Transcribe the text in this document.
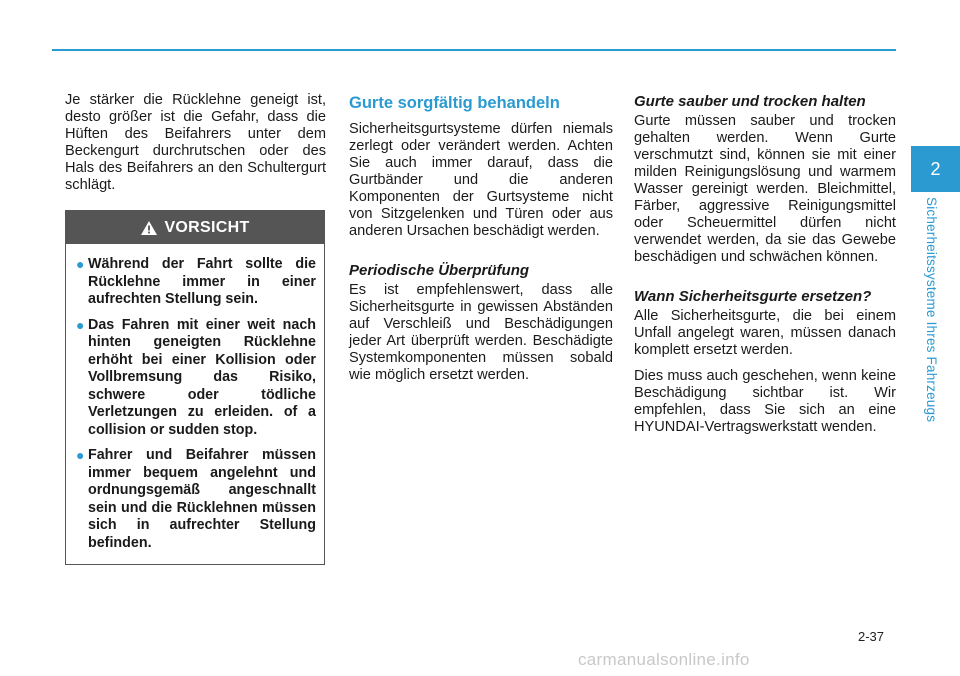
Je stärker die Rücklehne geneigt ist, desto größer ist die Gefahr, dass die Hüften des Beifahrers unter dem Beckengurt durchrutschen oder des Hals des Beifahrers an den Schultergurt schlägt.

VORSICHT
● Während der Fahrt sollte die Rücklehne immer in einer aufrechten Stellung sein.
● Das Fahren mit einer weit nach hinten geneigten Rücklehne erhöht bei einer Kollision oder Vollbremsung das Risiko, schwere oder tödliche Verletzungen zu erleiden. of a collision or sudden stop.
● Fahrer und Beifahrer müssen immer bequem angelehnt und ordnungsgemäß angeschnallt sein und die Rücklehnen müssen sich in aufrechter Stellung befinden.
Gurte sorgfältig behandeln

Sicherheitsgurtsysteme dürfen niemals zerlegt oder verändert werden. Achten Sie auch immer darauf, dass die Gurtbänder und die anderen Komponenten der Gurtsysteme nicht von Sitzgelenken und Türen oder aus anderen Ursachen beschädigt werden.

Periodische Überprüfung

Es ist empfehlenswert, dass alle Sicherheitsgurte in gewissen Abständen auf Verschleiß und Beschädigungen jeder Art überprüft werden. Beschädigte Systemkomponenten müssen sobald wie möglich ersetzt werden.

Gurte sauber und trocken halten

Gurte müssen sauber und trocken gehalten werden. Wenn Gurte verschmutzt sind, können sie mit einer milden Reinigungslösung und warmem Wasser gereinigt werden. Bleichmittel, Färber, aggressive Reinigungsmittel oder Scheuermittel dürfen nicht verwendet werden, da sie das Gewebe beschädigen und schwächen können.

Wann Sicherheitsgurte ersetzen?

Alle Sicherheitsgurte, die bei einem Unfall angelegt waren, müssen danach komplett ersetzt werden.

Dies muss auch geschehen, wenn keine Beschädigung sichtbar ist. Wir empfehlen, dass Sie sich an eine HYUNDAI-Vertragswerkstatt wenden.

2
Sicherheitssysteme Ihres Fahrzeugs
2-37
carmanualsonline.info
